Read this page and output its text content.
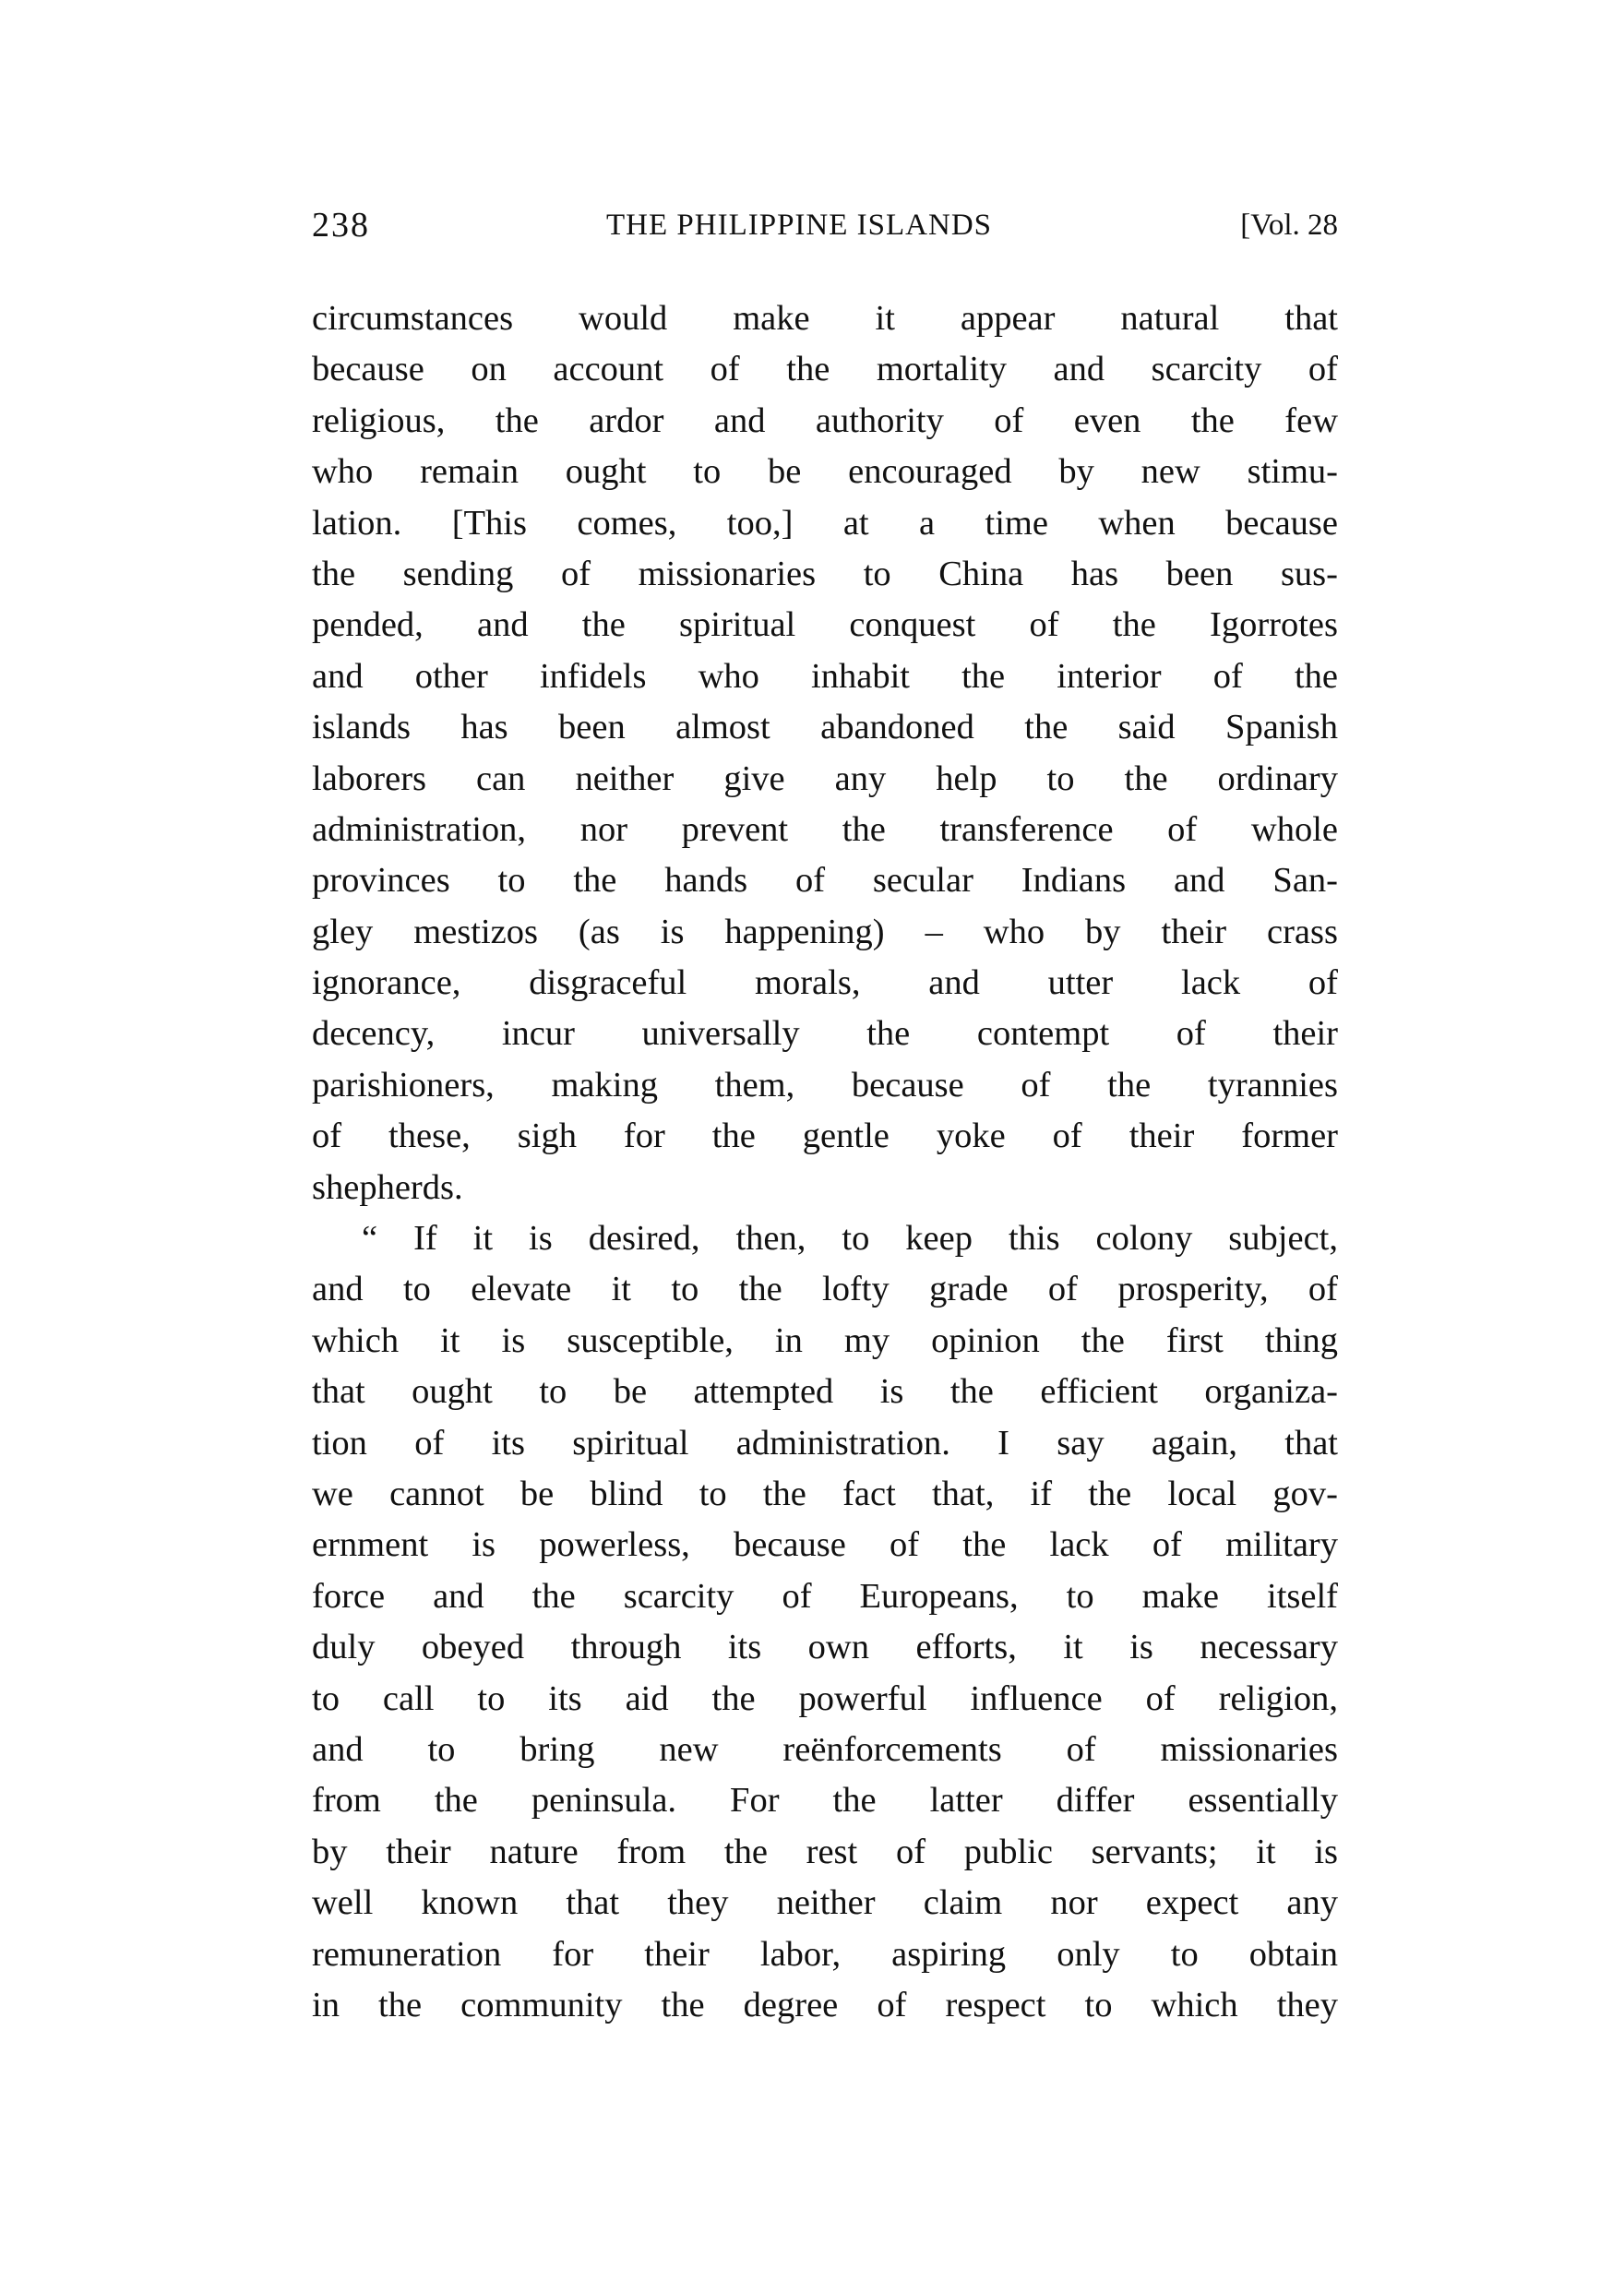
238	THE PHILIPPINE ISLANDS	[Vol. 28
circumstances would make it appear natural that
because on account of the mortality and scarcity of
religious, the ardor and authority of even the few
who remain ought to be encouraged by new stimu-
lation. [This comes, too,] at a time when because
the sending of missionaries to China has been sus-
pended, and the spiritual conquest of the Igorrotes
and other infidels who inhabit the interior of the
islands has been almost abandoned the said Spanish
laborers can neither give any help to the ordinary
administration, nor prevent the transference of whole
provinces to the hands of secular Indians and San-
gley mestizos (as is happening) – who by their crass
ignorance, disgraceful morals, and utter lack of
decency, incur universally the contempt of their
parishioners, making them, because of the tyrannies
of these, sigh for the gentle yoke of their former
shepherds.
“ If it is desired, then, to keep this colony subject,
and to elevate it to the lofty grade of prosperity, of
which it is susceptible, in my opinion the first thing
that ought to be attempted is the efficient organiza-
tion of its spiritual administration. I say again, that
we cannot be blind to the fact that, if the local gov-
ernment is powerless, because of the lack of military
force and the scarcity of Europeans, to make itself
duly obeyed through its own efforts, it is necessary
to call to its aid the powerful influence of religion,
and to bring new reënforcements of missionaries
from the peninsula. For the latter differ essentially
by their nature from the rest of public servants; it is
well known that they neither claim nor expect any
remuneration for their labor, aspiring only to obtain
in the community the degree of respect to which they
